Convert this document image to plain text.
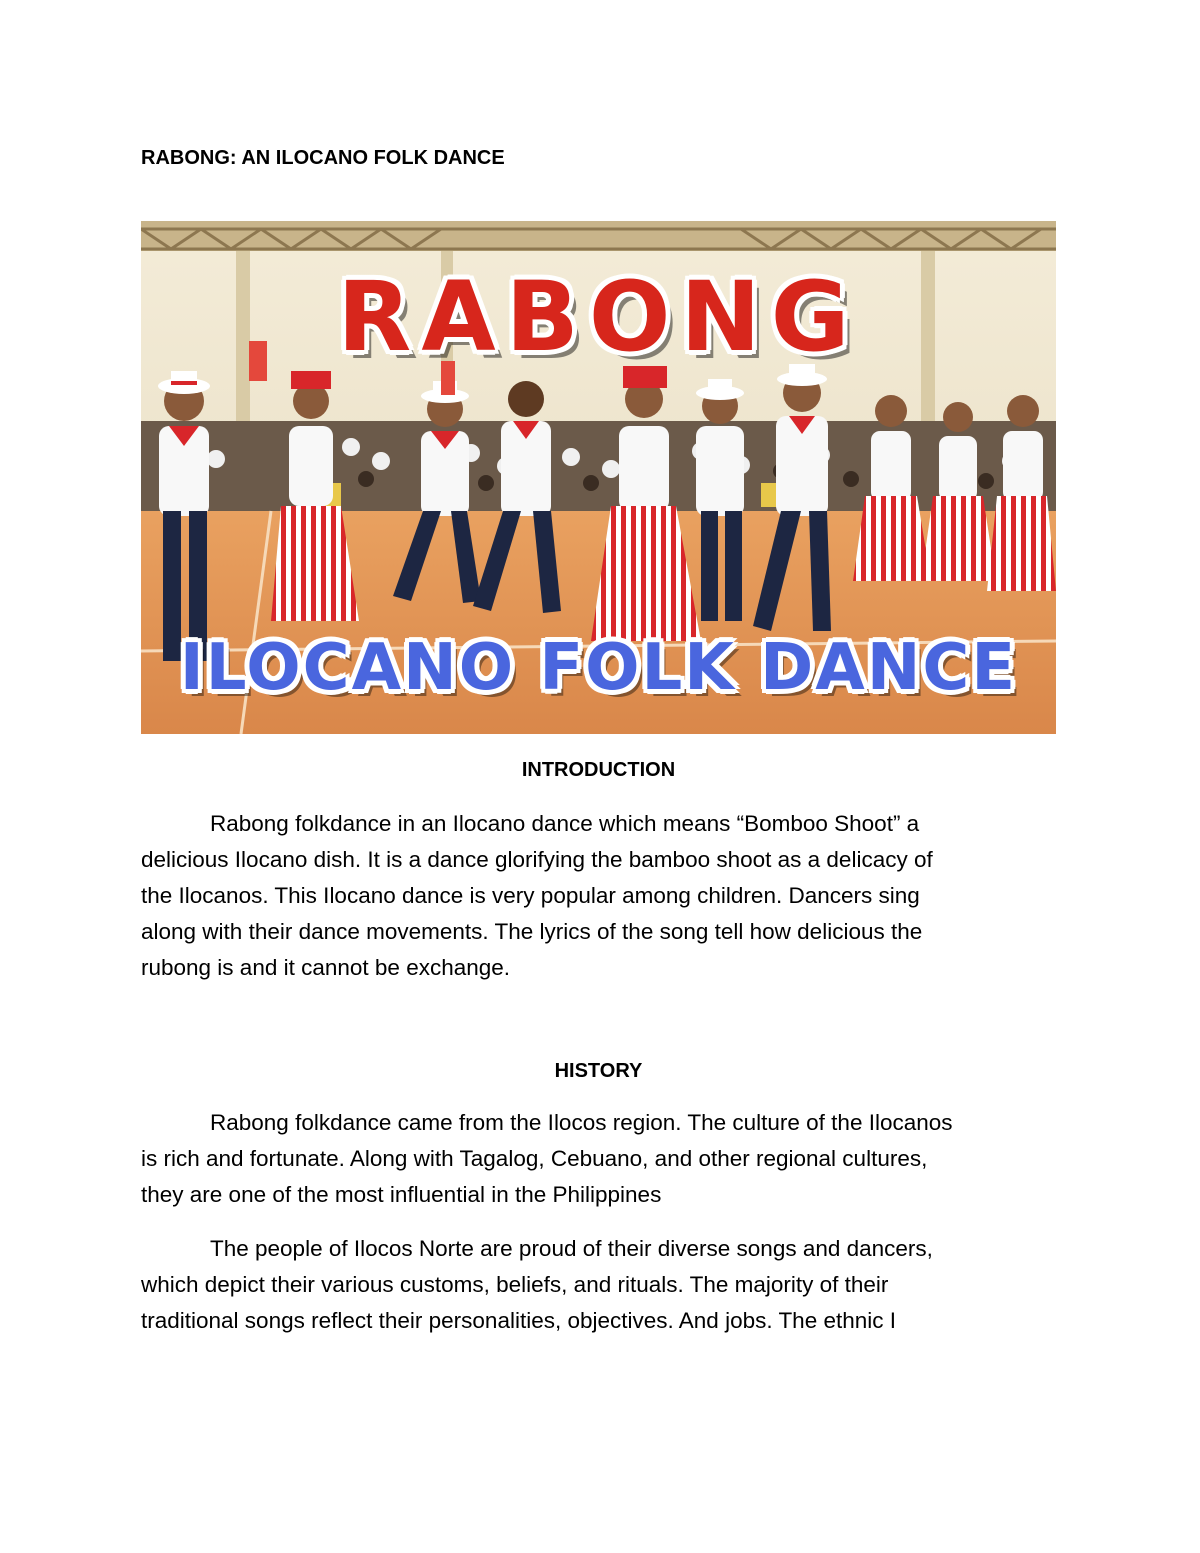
RABONG: AN ILOCANO FOLK DANCE
RABONG
ILOCANO FOLK DANCE
INTRODUCTION

Rabong folkdance in an Ilocano dance which means “Bomboo Shoot” a
delicious Ilocano dish. It is a dance glorifying the bamboo shoot as a delicacy of
the Ilocanos. This Ilocano dance is very popular among children. Dancers sing
along with their dance movements. The lyrics of the song tell how delicious the
rubong is and it cannot be exchange.

HISTORY

Rabong folkdance came from the Ilocos region. The culture of the Ilocanos
is rich and fortunate. Along with Tagalog, Cebuano, and other regional cultures,
they are one of the most influential in the Philippines

The people of Ilocos Norte are proud of their diverse songs and dancers,
which depict their various customs, beliefs, and rituals. The majority of their
traditional songs reflect their personalities, objectives. And jobs. The ethnic I
